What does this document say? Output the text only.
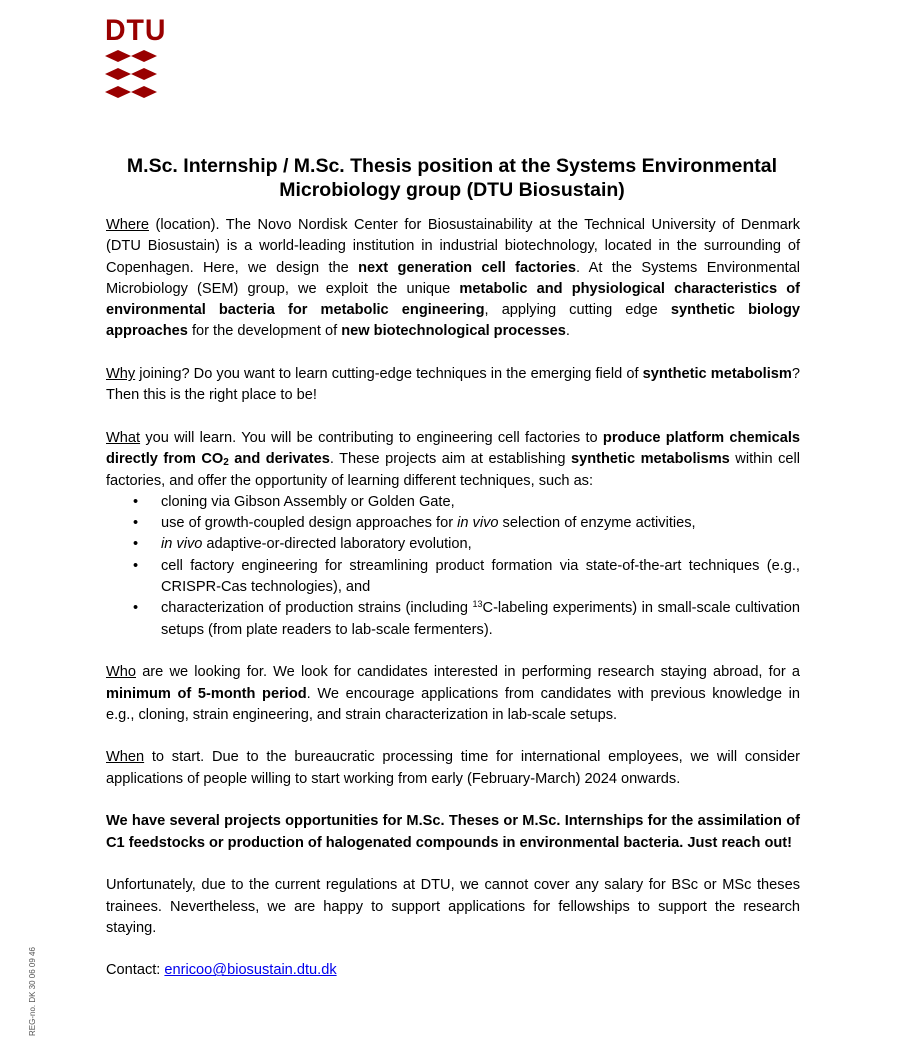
DTU
M.Sc. Internship / M.Sc. Thesis position at the Systems Environmental Microbiology group (DTU Biosustain)

Where (location). The Novo Nordisk Center for Biosustainability at the Technical University of Denmark (DTU Biosustain) is a world-leading institution in industrial biotechnology, located in the surrounding of Copenhagen. Here, we design the next generation cell factories. At the Systems Environmental Microbiology (SEM) group, we exploit the unique metabolic and physiological characteristics of environmental bacteria for metabolic engineering, applying cutting edge synthetic biology approaches for the development of new biotechnological processes.

Why joining? Do you want to learn cutting-edge techniques in the emerging field of synthetic metabolism? Then this is the right place to be!

What you will learn. You will be contributing to engineering cell factories to produce platform chemicals directly from $CO_2$ and derivates. These projects aim at establishing synthetic metabolisms within cell factories, and offer the opportunity of learning different techniques, such as:

• cloning via Gibson Assembly or Golden Gate,
• use of growth-coupled design approaches for in vivo selection of enzyme activities,
• in vivo adaptive-or-directed laboratory evolution,
• cell factory engineering for streamlining product formation via state-of-the-art techniques (e.g., CRISPR-Cas technologies), and
• characterization of production strains (including $^{13}$C-labeling experiments) in small-scale cultivation setups (from plate readers to lab-scale fermenters).

Who are we looking for. We look for candidates interested in performing research staying abroad, for a minimum of 5-month period. We encourage applications from candidates with previous knowledge in e.g., cloning, strain engineering, and strain characterization in lab-scale setups.

When to start. Due to the bureaucratic processing time for international employees, we will consider applications of people willing to start working from early (February-March) 2024 onwards.

We have several projects opportunities for M.Sc. Theses or M.Sc. Internships for the assimilation of C1 feedstocks or production of halogenated compounds in environmental bacteria. Just reach out!

Unfortunately, due to the current regulations at DTU, we cannot cover any salary for BSc or MSc theses trainees. Nevertheless, we are happy to support applications for fellowships to support the research staying.

Contact: enricoo@biosustain.dtu.dk

REG-no. DK 30 06 09 46
